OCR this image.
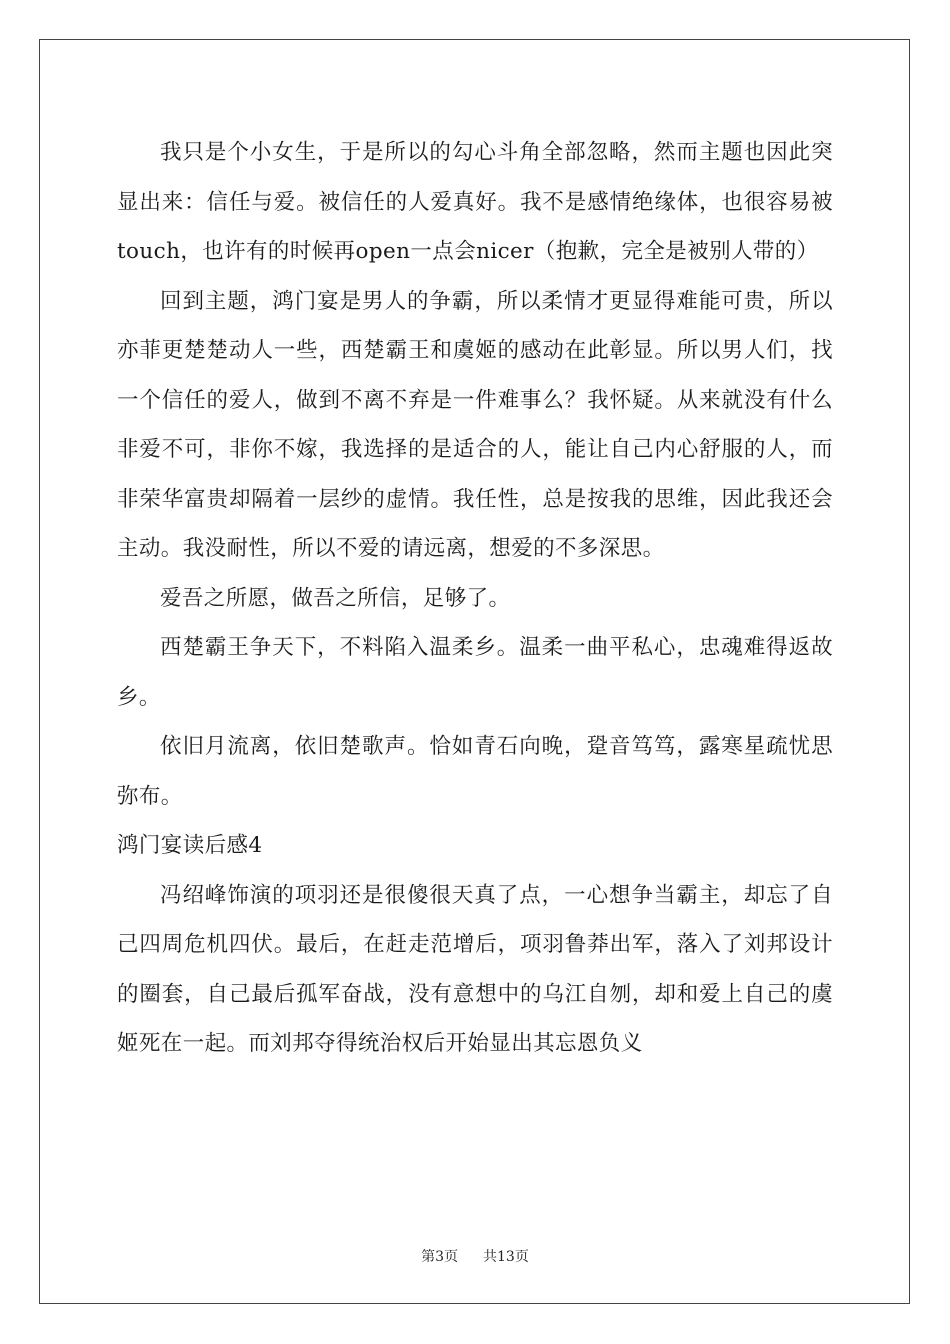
我只是个小女生，于是所以的勾心斗角全部忽略，然而主题也因此突显出来：信任与爱。被信任的人爱真好。我不是感情绝缘体，也很容易被touch，也许有的时候再open一点会nicer（抱歉，完全是被别人带的）

回到主题，鸿门宴是男人的争霸，所以柔情才更显得难能可贵，所以亦菲更楚楚动人一些，西楚霸王和虞姬的感动在此彰显。所以男人们，找一个信任的爱人，做到不离不弃是一件难事么？我怀疑。从来就没有什么非爱不可，非你不嫁，我选择的是适合的人，能让自己内心舒服的人，而非荣华富贵却隔着一层纱的虚情。我任性，总是按我的思维，因此我还会主动。我没耐性，所以不爱的请远离，想爱的不多深思。

爱吾之所愿，做吾之所信，足够了。

西楚霸王争天下，不料陷入温柔乡。温柔一曲平私心，忠魂难得返故乡。

依旧月流离，依旧楚歌声。恰如青石向晚，跫音笃笃，露寒星疏忧思弥布。

鸿门宴读后感4

冯绍峰饰演的项羽还是很傻很天真了点，一心想争当霸主，却忘了自己四周危机四伏。最后，在赶走范增后，项羽鲁莽出军，落入了刘邦设计的圈套，自己最后孤军奋战，没有意想中的乌江自刎，却和爱上自己的虞姬死在一起。而刘邦夺得统治权后开始显出其忘恩负义

第3页 共13页
